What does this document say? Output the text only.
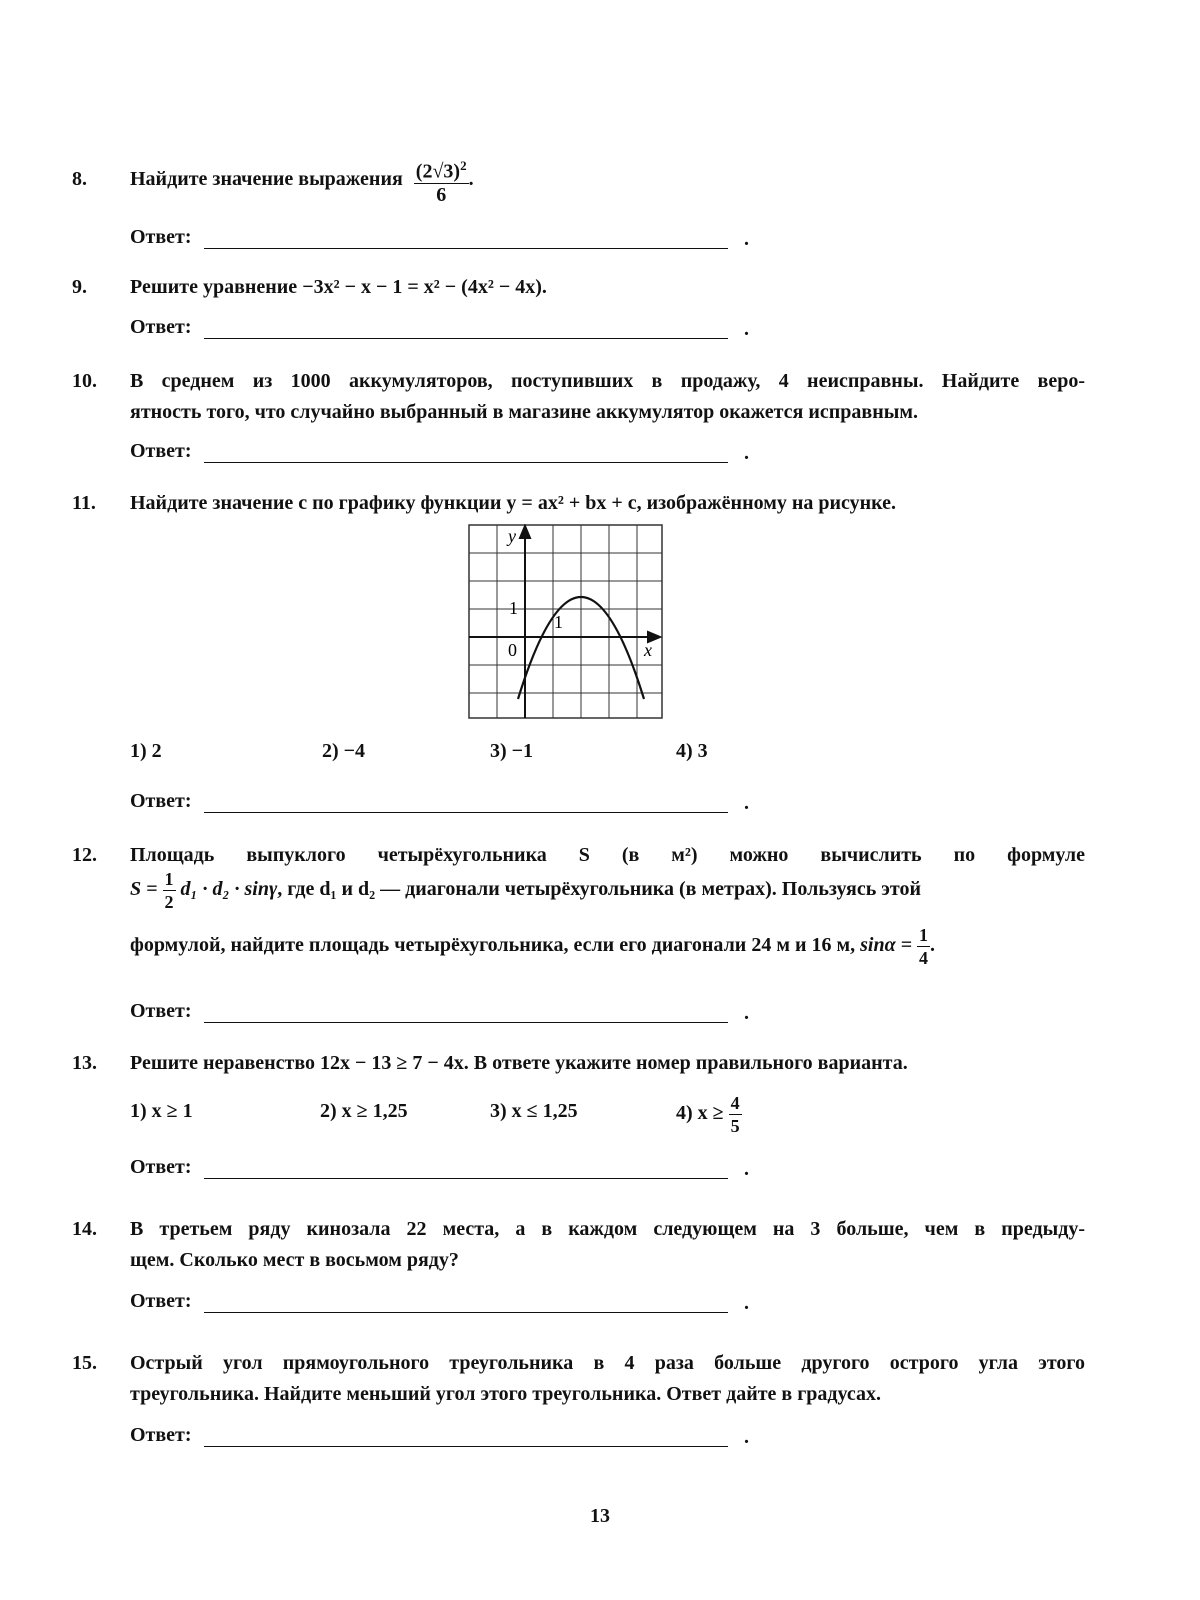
8.	Найдите значение выражения $\frac{(2√3)^2}{6}$ .
Ответ:	.
9.	Решите уравнение −3x² − x − 1 = x² − (4x² − 4x).
Ответ:	.
10.	В среднем из 1000 аккумуляторов, поступивших в продажу, 4 неисправны. Найдите веро-
ятность того, что случайно выбранный в магазине аккумулятор окажется исправным.
Ответ:	.
11.	Найдите значение c по графику функции y = ax² + bx + c, изображённому на рисунке.
y
x
0
1
1
1) 2	2) −4	3) −1	4) 3
Ответ:	.
12.	Площадь выпуклого четырёхугольника S (в м²) можно вычислить по формуле
$S = \frac{1}{2} d_1 \cdot d_2 \cdot \sin\gamma$, где d₁ и d₂ — диагонали четырёхугольника (в метрах). Пользуясь этой
формулой, найдите площадь четырёхугольника, если его диагонали 24 м и 16 м, $\sin\alpha = \frac{1}{4}$ .
Ответ:	.
13.	Решите неравенство 12x − 13 ≥ 7 − 4x. В ответе укажите номер правильного варианта.
1) x ≥ 1	2) x ≥ 1,25	3) x ≤ 1,25	4) $x \ge \frac{4}{5}$
Ответ:	.
14.	В третьем ряду кинозала 22 места, а в каждом следующем на 3 больше, чем в предыду-
щем. Сколько мест в восьмом ряду?
Ответ:	.
15.	Острый угол прямоугольного треугольника в 4 раза больше другого острого угла этого
треугольника. Найдите меньший угол этого треугольника. Ответ дайте в градусах.
Ответ:	.
13
